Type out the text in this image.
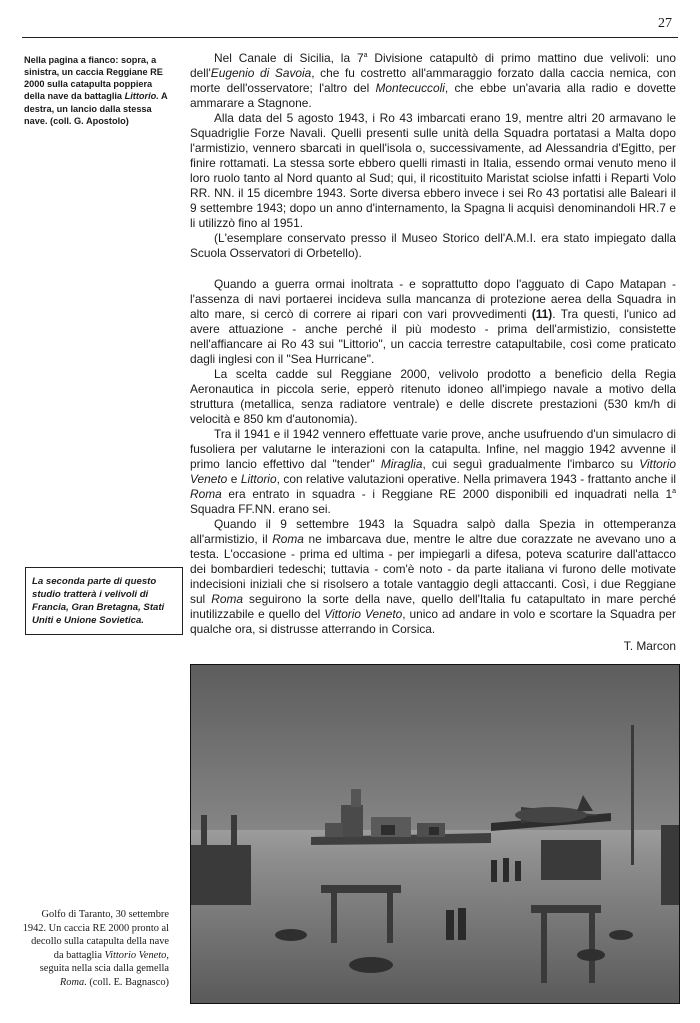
27
Nella pagina a fianco: sopra, a sinistra, un caccia Reggiane RE 2000 sulla catapulta poppiera della nave da battaglia Littorio. A destra, un lancio dalla stessa nave. (coll. G. Apostolo)
La seconda parte di questo studio tratterà i velivoli di Francia, Gran Bretagna, Stati Uniti e Unione Sovietica.
Golfo di Taranto, 30 settembre 1942. Un caccia RE 2000 pronto al decollo sulla catapulta della nave da battaglia Vittorio Veneto, seguita nella scia dalla gemella Roma. (coll. E. Bagnasco)

Nel Canale di Sicilia, la 7$^a$ Divisione catapultò di primo mattino due velivoli: uno dell'Eugenio di Savoia, che fu costretto all'ammaraggio forzato dalla caccia nemica, con morte dell'osservatore; l'altro del Montecuccoli, che ebbe un'avaria alla radio e dovette ammarare a Stagnone.

Alla data del 5 agosto 1943, i Ro 43 imbarcati erano 19, mentre altri 20 armavano le Squadriglie Forze Navali. Quelli presenti sulle unità della Squadra portatasi a Malta dopo l'armistizio, vennero sbarcati in quell'isola o, successivamente, ad Alessandria d'Egitto, per finire rottamati. La stessa sorte ebbero quelli rimasti in Italia, essendo ormai venuto meno il loro ruolo tanto al Nord quanto al Sud; qui, il ricostituito Maristat sciolse infatti i Reparti Volo RR. NN. il 15 dicembre 1943. Sorte diversa ebbero invece i sei Ro 43 portatisi alle Baleari il 9 settembre 1943; dopo un anno d'internamento, la Spagna li acquisì denominandoli HR.7 e li utilizzò fino al 1951.

(L'esemplare conservato presso il Museo Storico dell'A.M.I. era stato impiegato dalla Scuola Osservatori di Orbetello).

Quando a guerra ormai inoltrata - e soprattutto dopo l'agguato di Capo Matapan - l'assenza di navi portaerei incideva sulla mancanza di protezione aerea della Squadra in alto mare, si cercò di correre ai ripari con vari provvedimenti (11). Tra questi, l'unico ad avere attuazione - anche perché il più modesto - prima dell'armistizio, consistette nell'affiancare ai Ro 43 sui "Littorio", un caccia terrestre catapultabile, così come praticato dagli inglesi con il "Sea Hurricane".

La scelta cadde sul Reggiane 2000, velivolo prodotto a beneficio della Regia Aeronautica in piccola serie, epperò ritenuto idoneo all'impiego navale a motivo della struttura (metallica, senza radiatore ventrale) e delle discrete prestazioni (530 km/h di velocità e 850 km d'autonomia).

Tra il 1941 e il 1942 vennero effettuate varie prove, anche usufruendo d'un simulacro di fusoliera per valutarne le interazioni con la catapulta. Infine, nel maggio 1942 avvenne il primo lancio effettivo dal "tender" Miraglia, cui seguì gradualmente l'imbarco su Vittorio Veneto e Littorio, con relative valutazioni operative. Nella primavera 1943 - frattanto anche il Roma era entrato in squadra - i Reggiane RE 2000 disponibili ed inquadrati nella 1$^a$ Squadra FF.NN. erano sei.

Quando il 9 settembre 1943 la Squadra salpò dalla Spezia in ottemperanza all'armistizio, il Roma ne imbarcava due, mentre le altre due corazzate ne avevano uno a testa. L'occasione - prima ed ultima - per impiegarli a difesa, poteva scaturire dall'attacco dei bombardieri tedeschi; tuttavia - com'è noto - da parte italiana vi furono delle motivate indecisioni iniziali che si risolsero a totale vantaggio degli attaccanti. Così, i due Reggiane sul Roma seguirono la sorte della nave, quello dell'Italia fu catapultato in mare perché inutilizzabile e quello del Vittorio Veneto, unico ad andare in volo e scortare la Squadra per qualche ora, si distrusse atterrando in Corsica.

T. Marcon
